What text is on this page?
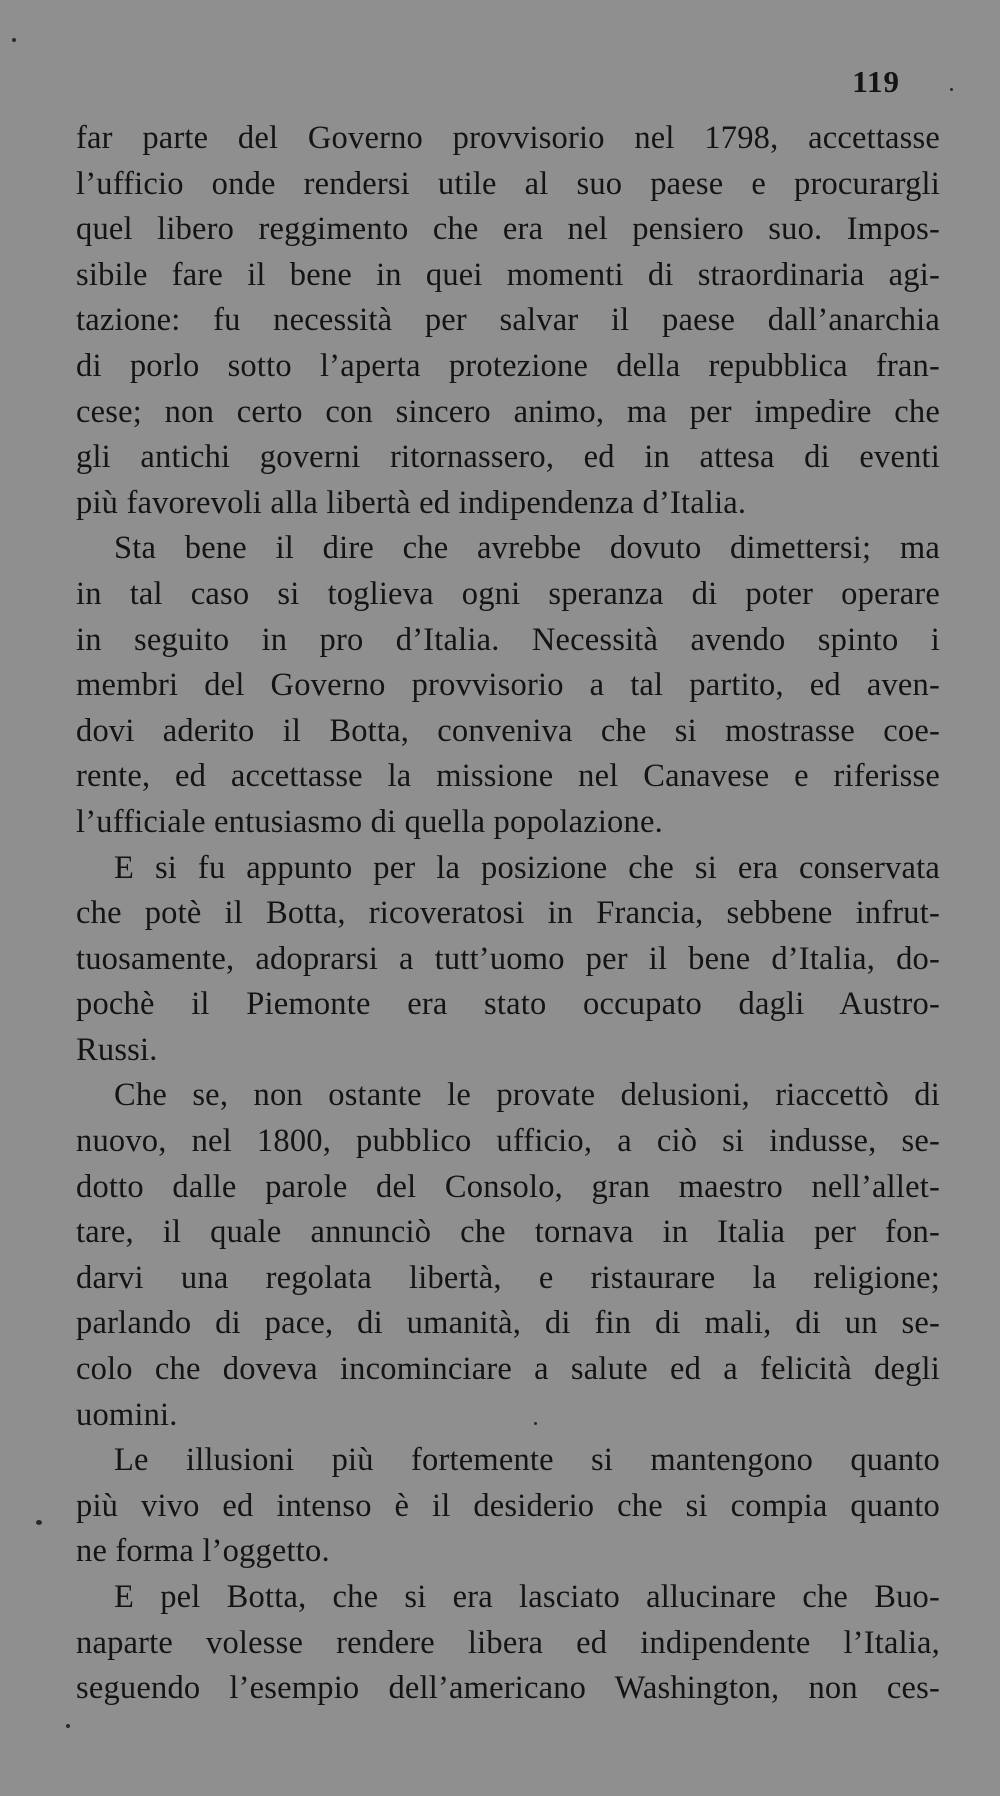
119
far parte del Governo provvisorio nel 1798, accettasse
l’ufficio onde rendersi utile al suo paese e procurargli
quel libero reggimento che era nel pensiero suo. Impos-
sibile fare il bene in quei momenti di straordinaria agi-
tazione: fu necessità per salvar il paese dall’anarchia
di porlo sotto l’aperta protezione della repubblica fran-
cese; non certo con sincero animo, ma per impedire che
gli antichi governi ritornassero, ed in attesa di eventi
più favorevoli alla libertà ed indipendenza d’Italia.
Sta bene il dire che avrebbe dovuto dimettersi; ma
in tal caso si toglieva ogni speranza di poter operare
in seguito in pro d’Italia. Necessità avendo spinto i
membri del Governo provvisorio a tal partito, ed aven-
dovi aderito il Botta, conveniva che si mostrasse coe-
rente, ed accettasse la missione nel Canavese e riferisse
l’ufficiale entusiasmo di quella popolazione.
E si fu appunto per la posizione che si era conservata
che potè il Botta, ricoveratosi in Francia, sebbene infrut-
tuosamente, adoprarsi a tutt’uomo per il bene d’Italia, do-
pochè il Piemonte era stato occupato dagli Austro-
Russi.
Che se, non ostante le provate delusioni, riaccettò di
nuovo, nel 1800, pubblico ufficio, a ciò si indusse, se-
dotto dalle parole del Consolo, gran maestro nell’allet-
tare, il quale annunciò che tornava in Italia per fon-
darvi una regolata libertà, e ristaurare la religione;
parlando di pace, di umanità, di fin di mali, di un se-
colo che doveva incominciare a salute ed a felicità degli
uomini.
Le illusioni più fortemente si mantengono quanto
più vivo ed intenso è il desiderio che si compia quanto
ne forma l’oggetto.
E pel Botta, che si era lasciato allucinare che Buo-
naparte volesse rendere libera ed indipendente l’Italia,
seguendo l’esempio dell’americano Washington, non ces-
